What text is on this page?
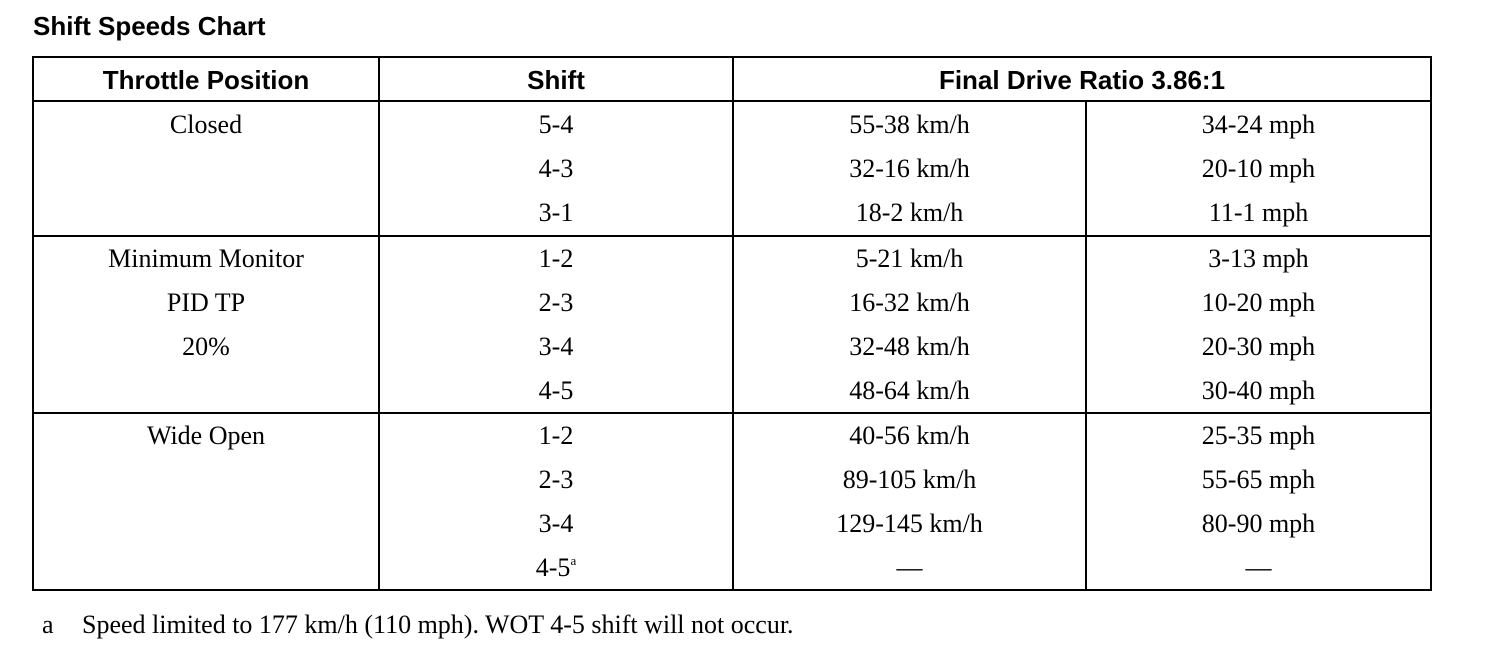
Shift Speeds Chart
Throttle Position	Shift	Final Drive Ratio 3.86:1
Closed	5-4	55-38 km/h	34-24 mph
4-3	32-16 km/h	20-10 mph
3-1	18-2 km/h	11-1 mph
Minimum Monitor
PID TP
20%
1-2	5-21 km/h	3-13 mph
2-3	16-32 km/h	10-20 mph
3-4	32-48 km/h	20-30 mph
4-5	48-64 km/h	30-40 mph
Wide Open	1-2	40-56 km/h	25-35 mph
2-3	89-105 km/h	55-65 mph
3-4	129-145 km/h	80-90 mph
4-5$^a$	—	—
a Speed limited to 177 km/h (110 mph). WOT 4-5 shift will not occur.
